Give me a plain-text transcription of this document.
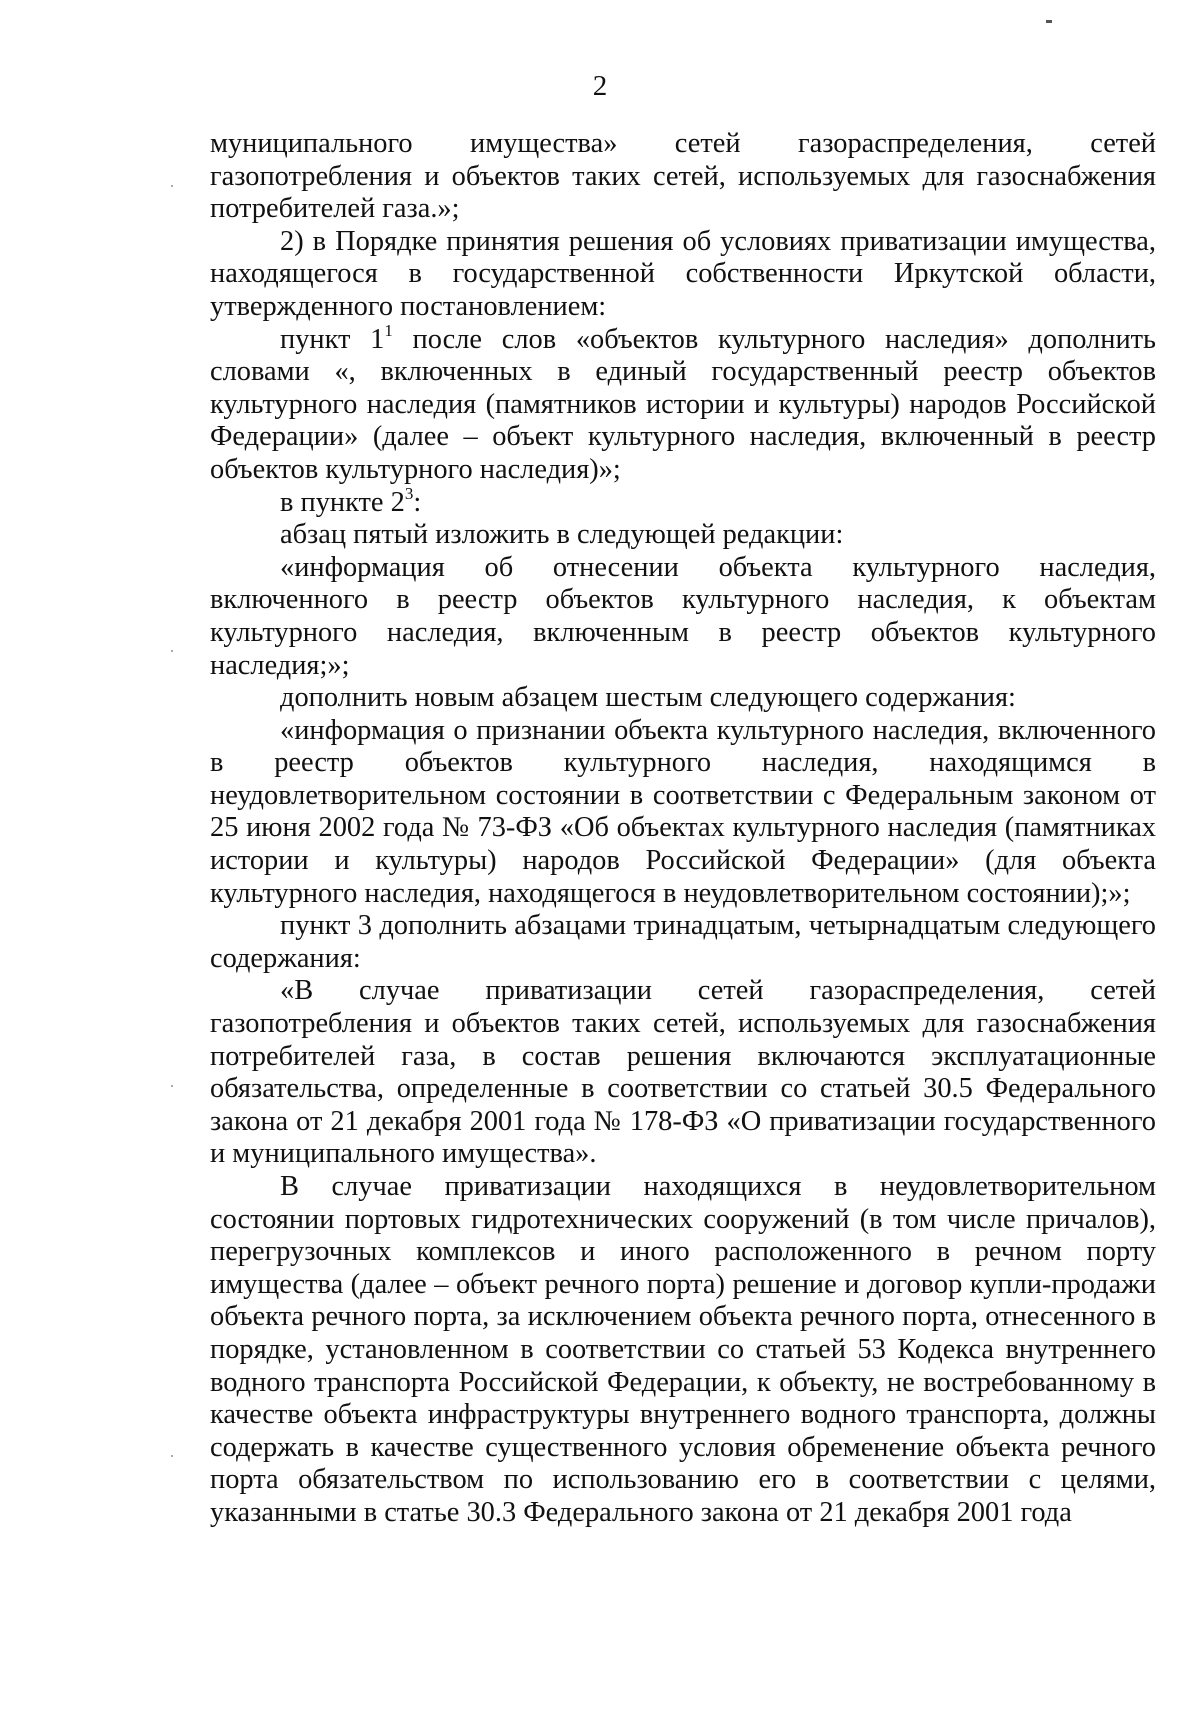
2

муниципального имущества» сетей газораспределения, сетей газопотребления и объектов таких сетей, используемых для газоснабжения потребителей газа.»;

2) в Порядке принятия решения об условиях приватизации имущества, находящегося в государственной собственности Иркутской области, утвержденного постановлением:

пункт $1^1$ после слов «объектов культурного наследия» дополнить словами «, включенных в единый государственный реестр объектов культурного наследия (памятников истории и культуры) народов Российской Федерации» (далее – объект культурного наследия, включенный в реестр объектов культурного наследия)»;

в пункте $2^3$:

абзац пятый изложить в следующей редакции:

«информация об отнесении объекта культурного наследия, включенного в реестр объектов культурного наследия, к объектам культурного наследия, включенным в реестр объектов культурного наследия;»;

дополнить новым абзацем шестым следующего содержания:

«информация о признании объекта культурного наследия, включенного в реестр объектов культурного наследия, находящимся в неудовлетворительном состоянии в соответствии с Федеральным законом от 25 июня 2002 года № 73-ФЗ «Об объектах культурного наследия (памятниках истории и культуры) народов Российской Федерации» (для объекта культурного наследия, находящегося в неудовлетворительном состоянии);»;

пункт 3 дополнить абзацами тринадцатым, четырнадцатым следующего содержания:

«В случае приватизации сетей газораспределения, сетей газопотребления и объектов таких сетей, используемых для газоснабжения потребителей газа, в состав решения включаются эксплуатационные обязательства, определенные в соответствии со статьей 30.5 Федерального закона от 21 декабря 2001 года № 178-ФЗ «О приватизации государственного и муниципального имущества».

В случае приватизации находящихся в неудовлетворительном состоянии портовых гидротехнических сооружений (в том числе причалов), перегрузочных комплексов и иного расположенного в речном порту имущества (далее – объект речного порта) решение и договор купли-продажи объекта речного порта, за исключением объекта речного порта, отнесенного в порядке, установленном в соответствии со статьей 53 Кодекса внутреннего водного транспорта Российской Федерации, к объекту, не востребованному в качестве объекта инфраструктуры внутреннего водного транспорта, должны содержать в качестве существенного условия обременение объекта речного порта обязательством по использованию его в соответствии с целями, указанными в статье 30.3 Федерального закона от 21 декабря 2001 года
